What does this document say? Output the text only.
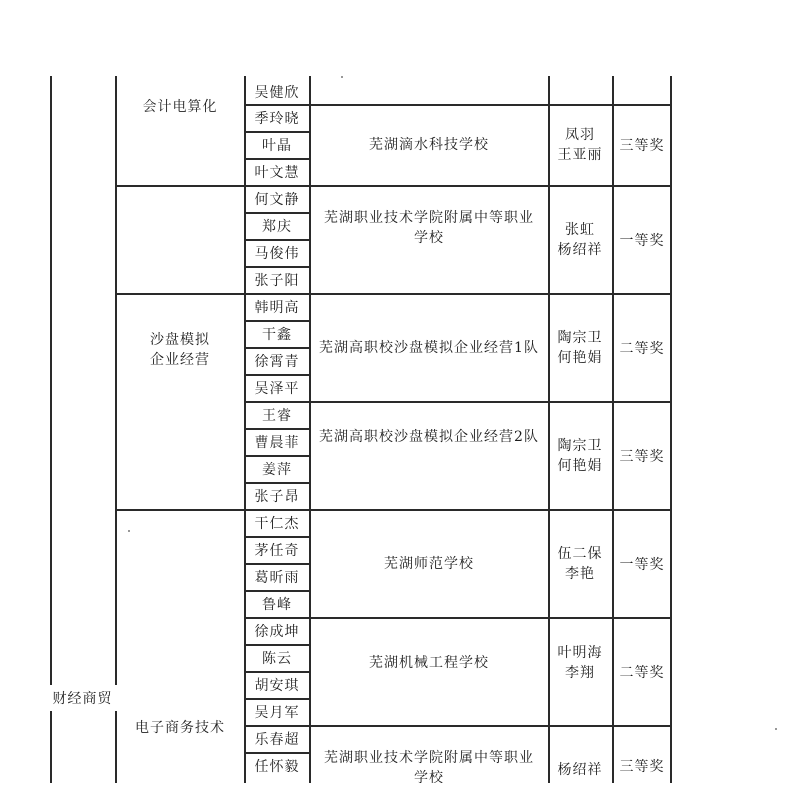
财经商贸
会计电算化
沙盘模拟
企业经营
电子商务技术
吴健欣
季玲晓
叶晶
叶文慧
何文静
郑庆
马俊伟
张子阳
韩明高
干鑫
徐霄青
吴泽平
王睿
曹晨菲
姜萍
张子昂
干仁杰
茅任奇
葛昕雨
鲁峰
徐成坤
陈云
胡安琪
吴月军
乐春超
任怀毅
芜湖滴水科技学校
芜湖职业技术学院附属中等职业
学校
芜湖高职校沙盘模拟企业经营1队
芜湖高职校沙盘模拟企业经营2队
芜湖师范学校
芜湖机械工程学校
芜湖职业技术学院附属中等职业
学校
凤羽
王亚丽
张虹
杨绍祥
陶宗卫
何艳娟
陶宗卫
何艳娟
伍二保
李艳
叶明海
李翔
杨绍祥
三等奖
一等奖
二等奖
三等奖
一等奖
二等奖
三等奖
